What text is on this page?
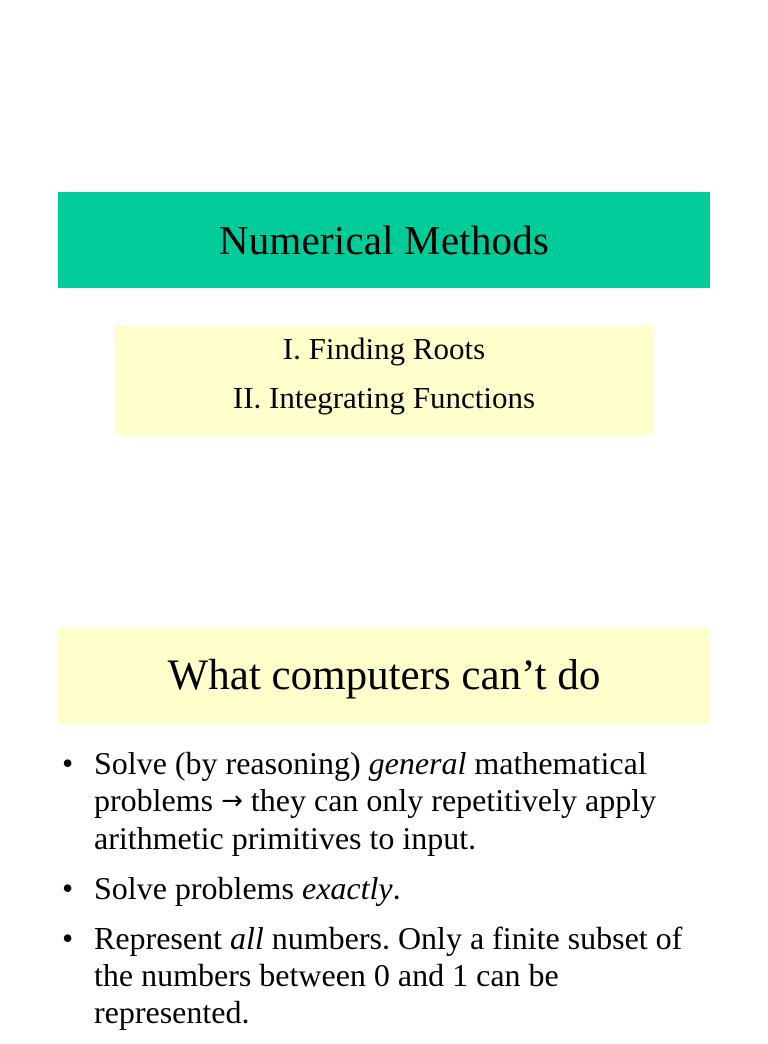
Numerical Methods
I. Finding Roots
II. Integrating Functions
What computers can’t do
• Solve (by reasoning) general mathematical problems → they can only repetitively apply arithmetic primitives to input.
• Solve problems exactly.
• Represent all numbers. Only a finite subset of the numbers between 0 and 1 can be represented.
